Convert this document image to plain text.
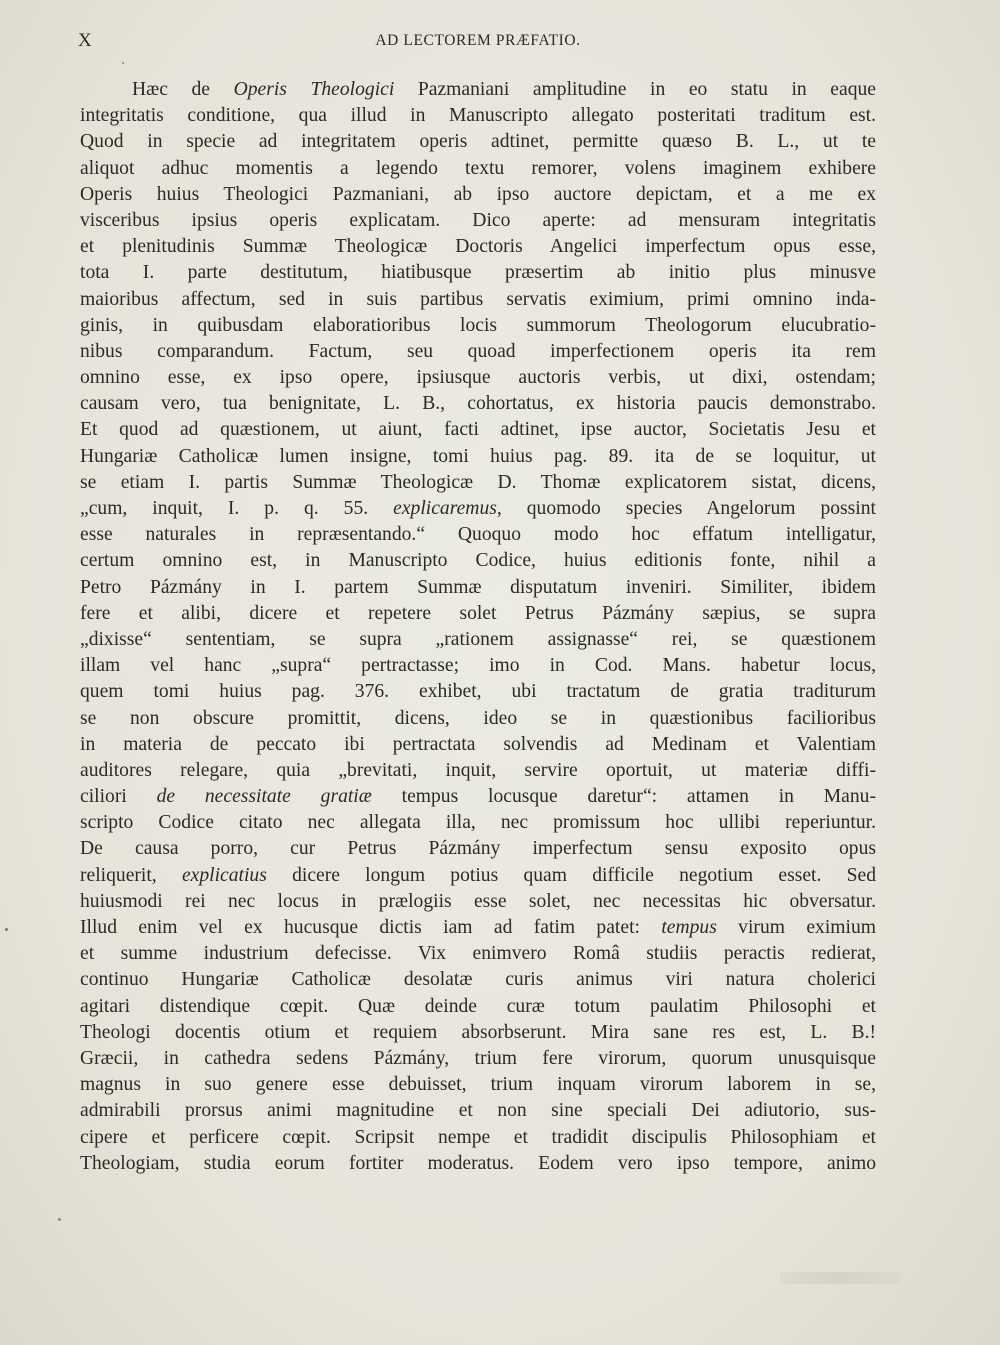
X	AD LECTOREM PRÆFATIO.
Hæc de Operis Theologici Pazmaniani amplitudine in eo statu in eaque
integritatis conditione, qua illud in Manuscripto allegato posteritati traditum est.
Quod in specie ad integritatem operis adtinet, permitte quæso B. L., ut te
aliquot adhuc momentis a legendo textu remorer, volens imaginem exhibere
Operis huius Theologici Pazmaniani, ab ipso auctore depictam, et a me ex
visceribus ipsius operis explicatam. Dico aperte: ad mensuram integritatis
et plenitudinis Summæ Theologicæ Doctoris Angelici imperfectum opus esse,
tota I. parte destitutum, hiatibusque præsertim ab initio plus minusve
maioribus affectum, sed in suis partibus servatis eximium, primi omnino inda-
ginis, in quibusdam elaboratioribus locis summorum Theologorum elucubratio-
nibus comparandum. Factum, seu quoad imperfectionem operis ita rem
omnino esse, ex ipso opere, ipsiusque auctoris verbis, ut dixi, ostendam;
causam vero, tua benignitate, L. B., cohortatus, ex historia paucis demonstrabo.
Et quod ad quæstionem, ut aiunt, facti adtinet, ipse auctor, Societatis Jesu et
Hungariæ Catholicæ lumen insigne, tomi huius pag. 89. ita de se loquitur, ut
se etiam I. partis Summæ Theologicæ D. Thomæ explicatorem sistat, dicens,
„cum, inquit, I. p. q. 55. explicaremus, quomodo species Angelorum possint
esse naturales in repræsentando.“ Quoquo modo hoc effatum intelligatur,
certum omnino est, in Manuscripto Codice, huius editionis fonte, nihil a
Petro Pázmány in I. partem Summæ disputatum inveniri. Similiter, ibidem
fere et alibi, dicere et repetere solet Petrus Pázmány sæpius, se supra
„dixisse“ sententiam, se supra „rationem assignasse“ rei, se quæstionem
illam vel hanc „supra“ pertractasse; imo in Cod. Mans. habetur locus,
quem tomi huius pag. 376. exhibet, ubi tractatum de gratia traditurum
se non obscure promittit, dicens, ideo se in quæstionibus facilioribus
in materia de peccato ibi pertractata solvendis ad Medinam et Valentiam
auditores relegare, quia „brevitati, inquit, servire oportuit, ut materiæ diffi-
ciliori de necessitate gratiæ tempus locusque daretur“: attamen in Manu-
scripto Codice citato nec allegata illa, nec promissum hoc ullibi reperiuntur.
De causa porro, cur Petrus Pázmány imperfectum sensu exposito opus
reliquerit, explicatius dicere longum potius quam difficile negotium esset. Sed
huiusmodi rei nec locus in prælogiis esse solet, nec necessitas hic obversatur.
Illud enim vel ex hucusque dictis iam ad fatim patet: tempus virum eximium
et summe industrium defecisse. Vix enimvero Româ studiis peractis redierat,
continuo Hungariæ Catholicæ desolatæ curis animus viri natura cholerici
agitari distendique cœpit. Quæ deinde curæ totum paulatim Philosophi et
Theologi docentis otium et requiem absorbserunt. Mira sane res est, L. B.!
Græcii, in cathedra sedens Pázmány, trium fere virorum, quorum unusquisque
magnus in suo genere esse debuisset, trium inquam virorum laborem in se,
admirabili prorsus animi magnitudine et non sine speciali Dei adiutorio, sus-
cipere et perficere cœpit. Scripsit nempe et tradidit discipulis Philosophiam et
Theologiam, studia eorum fortiter moderatus. Eodem vero ipso tempore, animo
